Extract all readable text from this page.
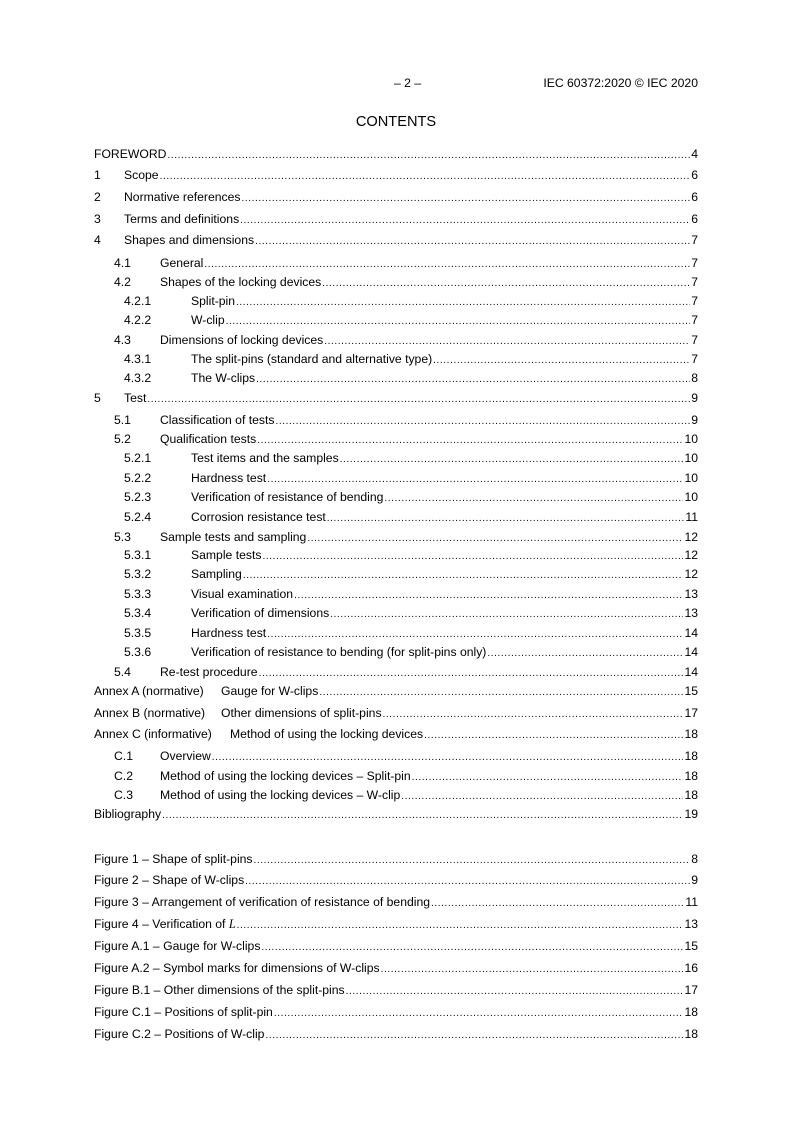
– 2 –	IEC 60372:2020 © IEC 2020
CONTENTS
FOREWORD .....	4
1	Scope .....	6
2	Normative references .....	6
3	Terms and definitions .....	6
4	Shapes and dimensions .....	7
4.1	General .....	7
4.2	Shapes of the locking devices .....	7
4.2.1	Split-pin .....	7
4.2.2	W-clip .....	7
4.3	Dimensions of locking devices .....	7
4.3.1	The split-pins (standard and alternative type) .....	7
4.3.2	The W-clips .....	8
5	Test .....	9
5.1	Classification of tests .....	9
5.2	Qualification tests .....	10
5.2.1	Test items and the samples .....	10
5.2.2	Hardness test .....	10
5.2.3	Verification of resistance of bending .....	10
5.2.4	Corrosion resistance test .....	11
5.3	Sample tests and sampling .....	12
5.3.1	Sample tests .....	12
5.3.2	Sampling .....	12
5.3.3	Visual examination .....	13
5.3.4	Verification of dimensions .....	13
5.3.5	Hardness test .....	14
5.3.6	Verification of resistance to bending (for split-pins only) .....	14
5.4	Re-test procedure .....	14
Annex A (normative)	Gauge for W-clips .....	15
Annex B (normative)	Other dimensions of split-pins .....	17
Annex C (informative)	Method of using the locking devices .....	18
C.1	Overview .....	18
C.2	Method of using the locking devices – Split-pin .....	18
C.3	Method of using the locking devices – W-clip .....	18
Bibliography .....	19
Figure 1 – Shape of split-pins .....	8
Figure 2 – Shape of W-clips .....	9
Figure 3 – Arrangement of verification of resistance of bending .....	11
Figure 4 – Verification of L .....	13
Figure A.1 – Gauge for W-clips .....	15
Figure A.2 – Symbol marks for dimensions of W-clips .....	16
Figure B.1 – Other dimensions of the split-pins .....	17
Figure C.1 – Positions of split-pin .....	18
Figure C.2 – Positions of W-clip .....	18
